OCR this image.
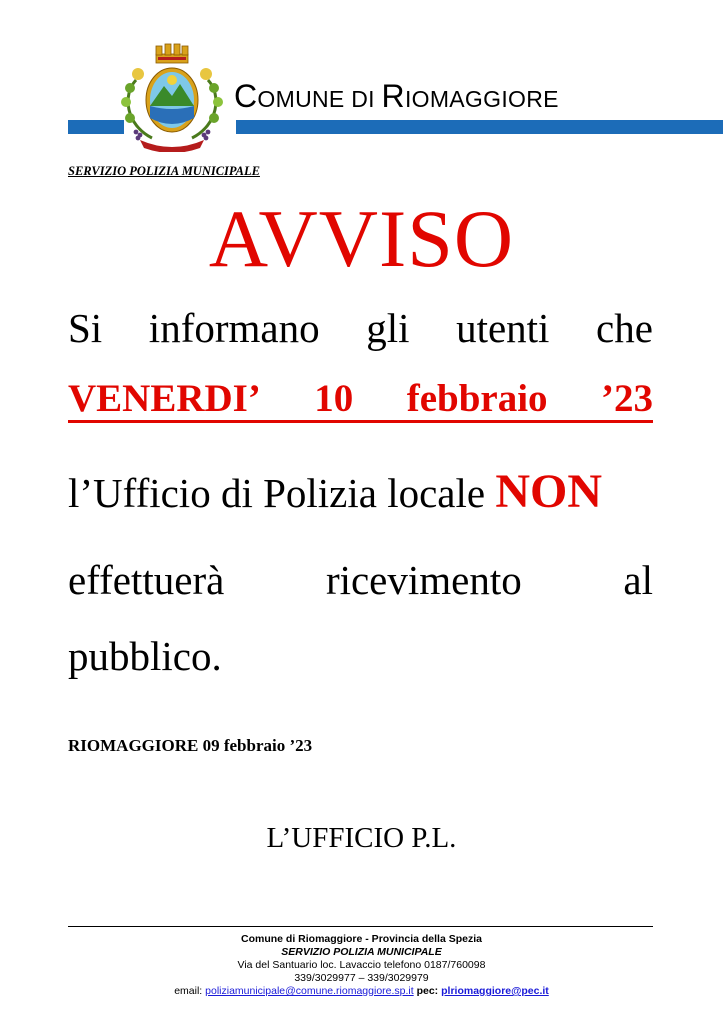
COMUNE DI RIOMAGGIORE
SERVIZIO POLIZIA MUNICIPALE
AVVISO
Si informano gli utenti che
VENERDI’ 10 febbraio ’23
l’Ufficio di Polizia locale NON
effettuerà ricevimento al
pubblico.
RIOMAGGIORE 09 febbraio ’23
L’UFFICIO P.L.
Comune di Riomaggiore - Provincia della Spezia
SERVIZIO POLIZIA MUNICIPALE
Via del Santuario loc. Lavaccio telefono 0187/760098
339/3029977 – 339/3029979
email: poliziamunicipale@comune.riomaggiore.sp.it pec: plriomaggiore@pec.it
